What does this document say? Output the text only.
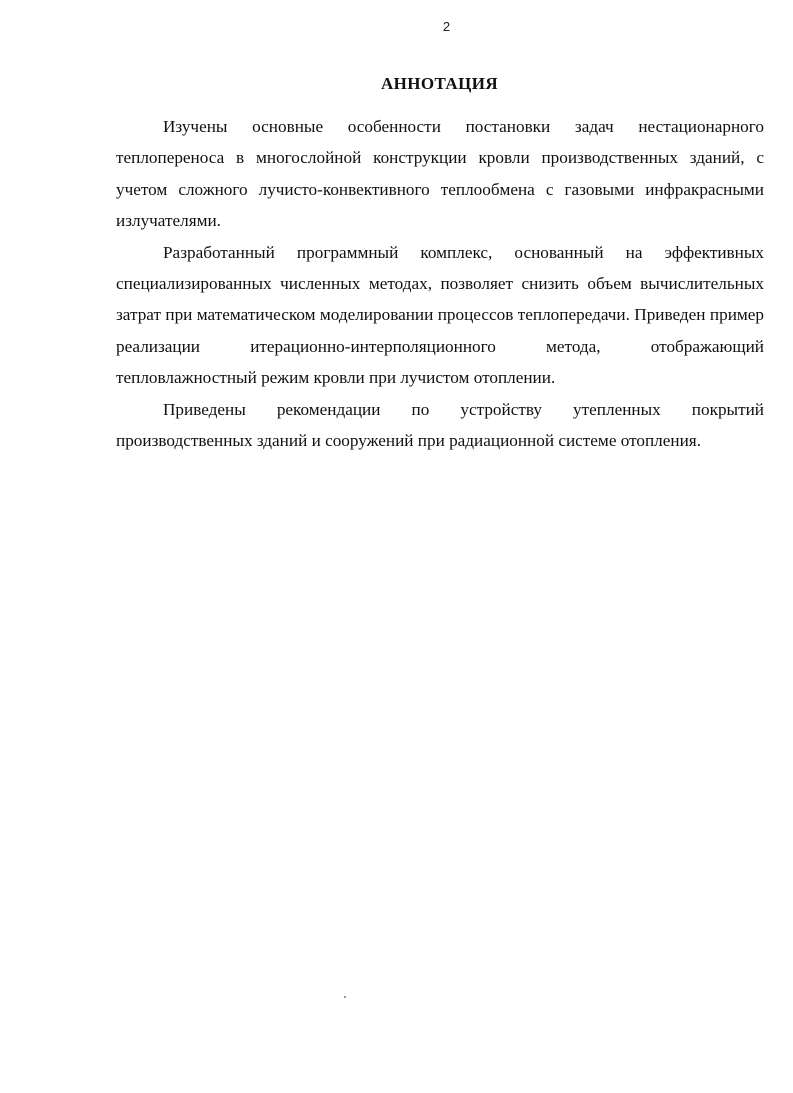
2
АННОТАЦИЯ

Изучены основные особенности постановки задач нестационарного теплопереноса в многослойной конструкции кровли производственных зданий, с учетом сложного лучисто-конвективного теплообмена с газовыми инфракрасными излучателями.

Разработанный программный комплекс, основанный на эффективных специализированных численных методах, позволяет снизить объем вычислительных затрат при математическом моделировании процессов теплопередачи. Приведен пример реализации итерационно-интерполяционного метода, отображающий тепловлажностный режим кровли при лучистом отоплении.

Приведены рекомендации по устройству утепленных покрытий производственных зданий и сооружений при радиационной системе отопления.
